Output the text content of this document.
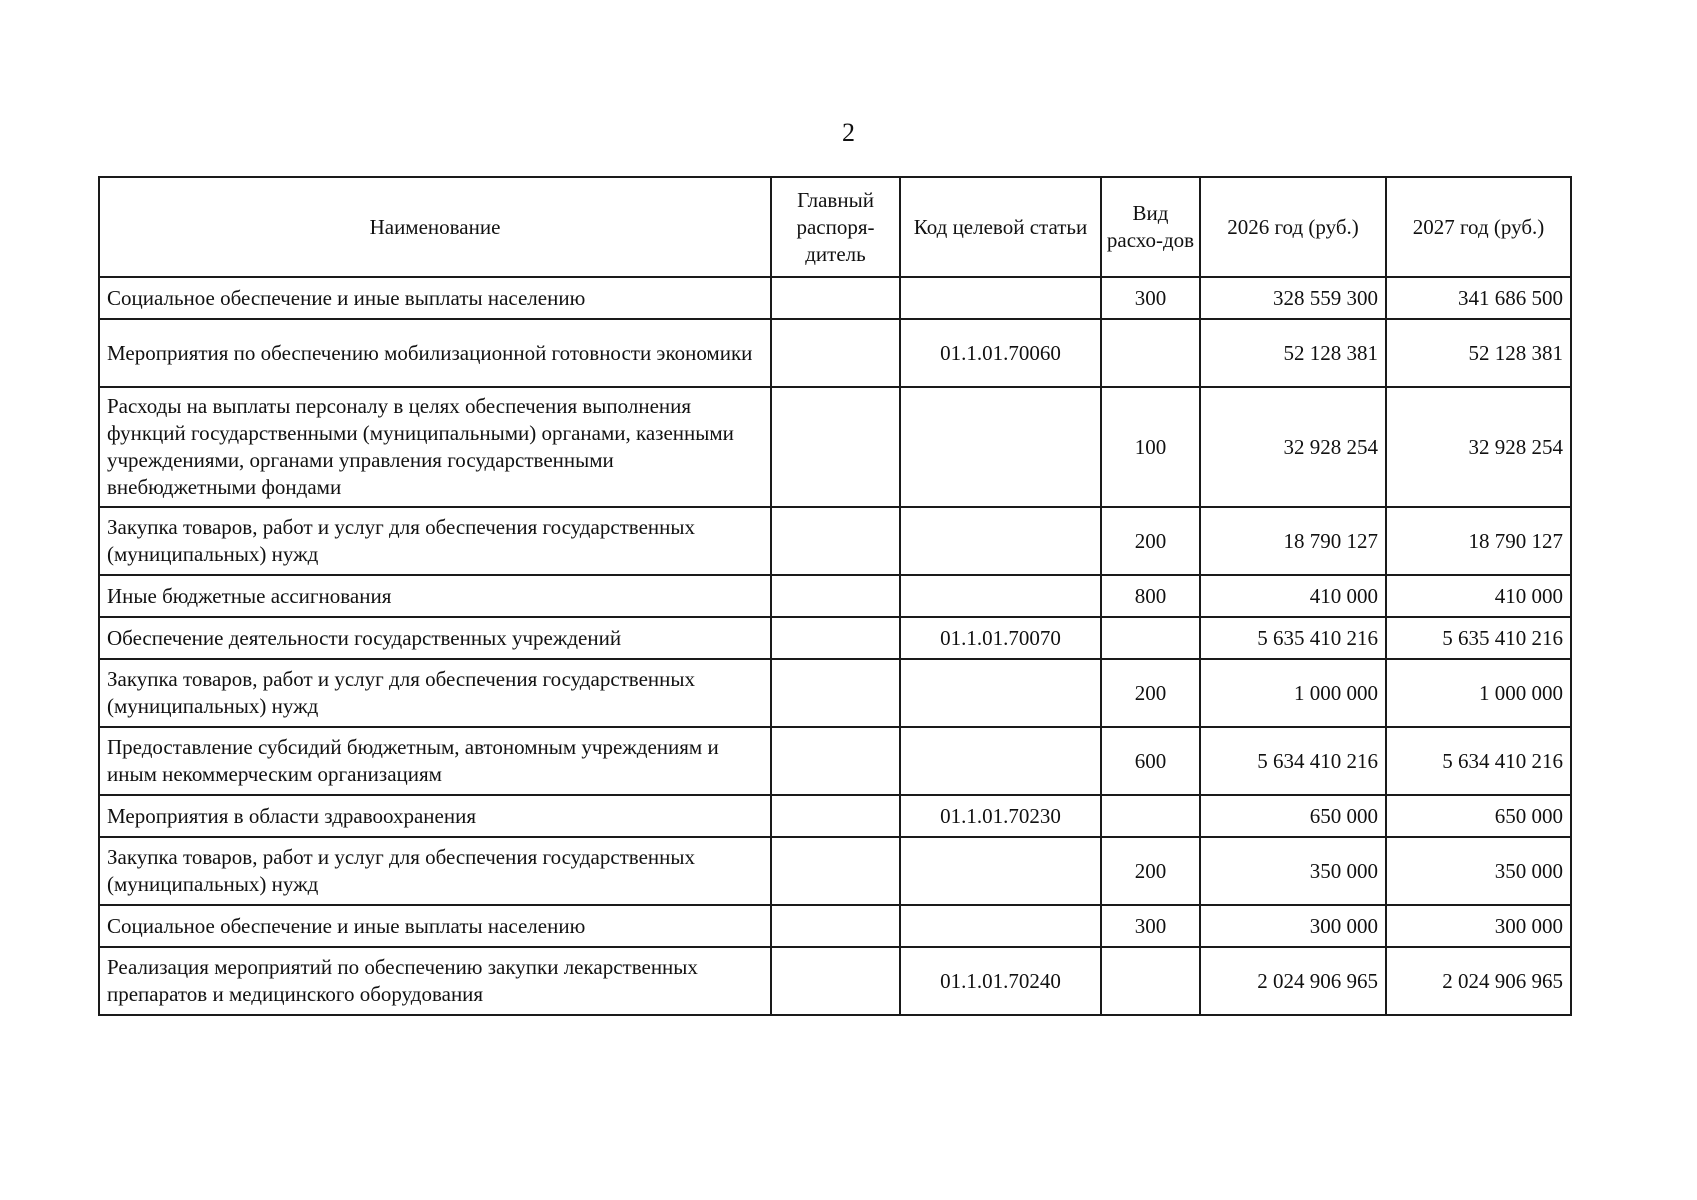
2
Наименование	Главный распоря-дитель	Код целевой статьи	Вид расхо-дов	2026 год (руб.)	2027 год (руб.)
Социальное обеспечение и иные выплаты населению			300	328 559 300	341 686 500
Мероприятия по обеспечению мобилизационной готовности экономики		01.1.01.70060		52 128 381	52 128 381
Расходы на выплаты персоналу в целях обеспечения выполнения функций государственными (муниципальными) органами, казенными учреждениями, органами управления государственными внебюджетными фондами			100	32 928 254	32 928 254
Закупка товаров, работ и услуг для обеспечения государственных (муниципальных) нужд			200	18 790 127	18 790 127
Иные бюджетные ассигнования			800	410 000	410 000
Обеспечение деятельности государственных учреждений		01.1.01.70070		5 635 410 216	5 635 410 216
Закупка товаров, работ и услуг для обеспечения государственных (муниципальных) нужд			200	1 000 000	1 000 000
Предоставление субсидий бюджетным, автономным учреждениям и иным некоммерческим организациям			600	5 634 410 216	5 634 410 216
Мероприятия в области здравоохранения		01.1.01.70230		650 000	650 000
Закупка товаров, работ и услуг для обеспечения государственных (муниципальных) нужд			200	350 000	350 000
Социальное обеспечение и иные выплаты населению			300	300 000	300 000
Реализация мероприятий по обеспечению закупки лекарственных препаратов и медицинского оборудования		01.1.01.70240		2 024 906 965	2 024 906 965
